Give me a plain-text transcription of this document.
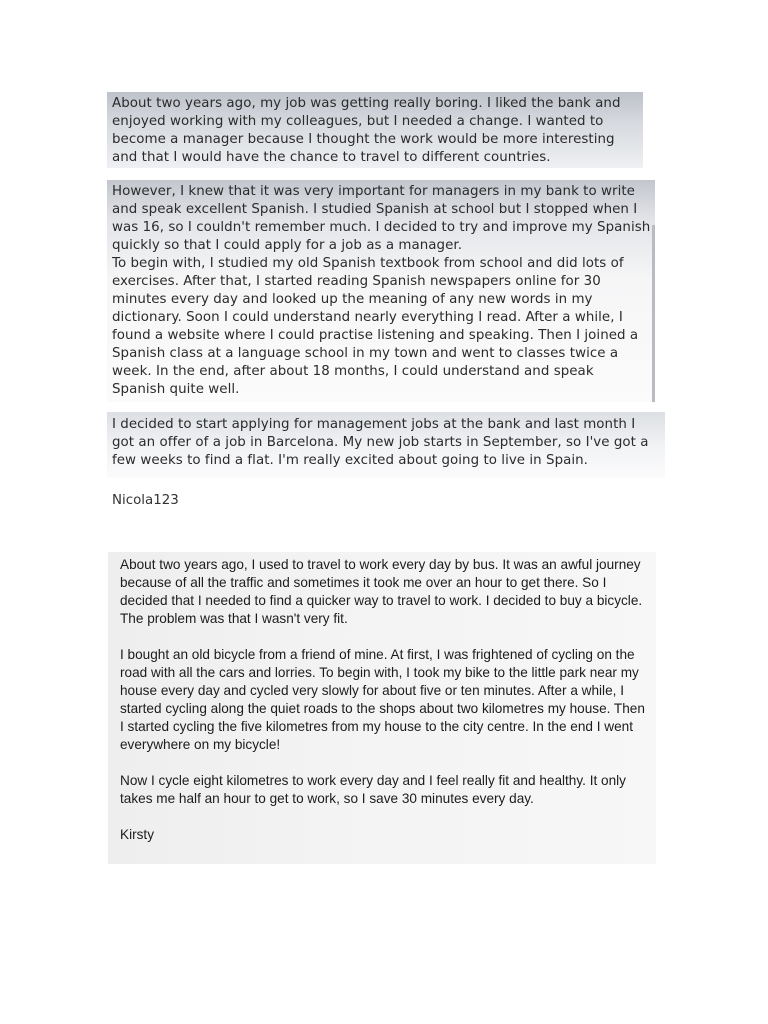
About two years ago, my job was getting really boring. I liked the bank and enjoyed working with my colleagues, but I needed a change. I wanted to become a manager because I thought the work would be more interesting and that I would have the chance to travel to different countries.

However, I knew that it was very important for managers in my bank to write and speak excellent Spanish. I studied Spanish at school but I stopped when I was 16, so I couldn't remember much. I decided to try and improve my Spanish quickly so that I could apply for a job as a manager.

To begin with, I studied my old Spanish textbook from school and did lots of exercises. After that, I started reading Spanish newspapers online for 30 minutes every day and looked up the meaning of any new words in my dictionary. Soon I could understand nearly everything I read. After a while, I found a website where I could practise listening and speaking. Then I joined a Spanish class at a language school in my town and went to classes twice a week. In the end, after about 18 months, I could understand and speak Spanish quite well.

I decided to start applying for management jobs at the bank and last month I got an offer of a job in Barcelona. My new job starts in September, so I've got a few weeks to find a flat. I'm really excited about going to live in Spain.

Nicola123

About two years ago, I used to travel to work every day by bus. It was an awful journey because of all the traffic and sometimes it took me over an hour to get there. So I decided that I needed to find a quicker way to travel to work. I decided to buy a bicycle. The problem was that I wasn't very fit.

I bought an old bicycle from a friend of mine. At first, I was frightened of cycling on the road with all the cars and lorries. To begin with, I took my bike to the little park near my house every day and cycled very slowly for about five or ten minutes. After a while, I started cycling along the quiet roads to the shops about two kilometres my house. Then I started cycling the five kilometres from my house to the city centre. In the end I went everywhere on my bicycle!

Now I cycle eight kilometres to work every day and I feel really fit and healthy. It only takes me half an hour to get to work, so I save 30 minutes every day.

Kirsty
